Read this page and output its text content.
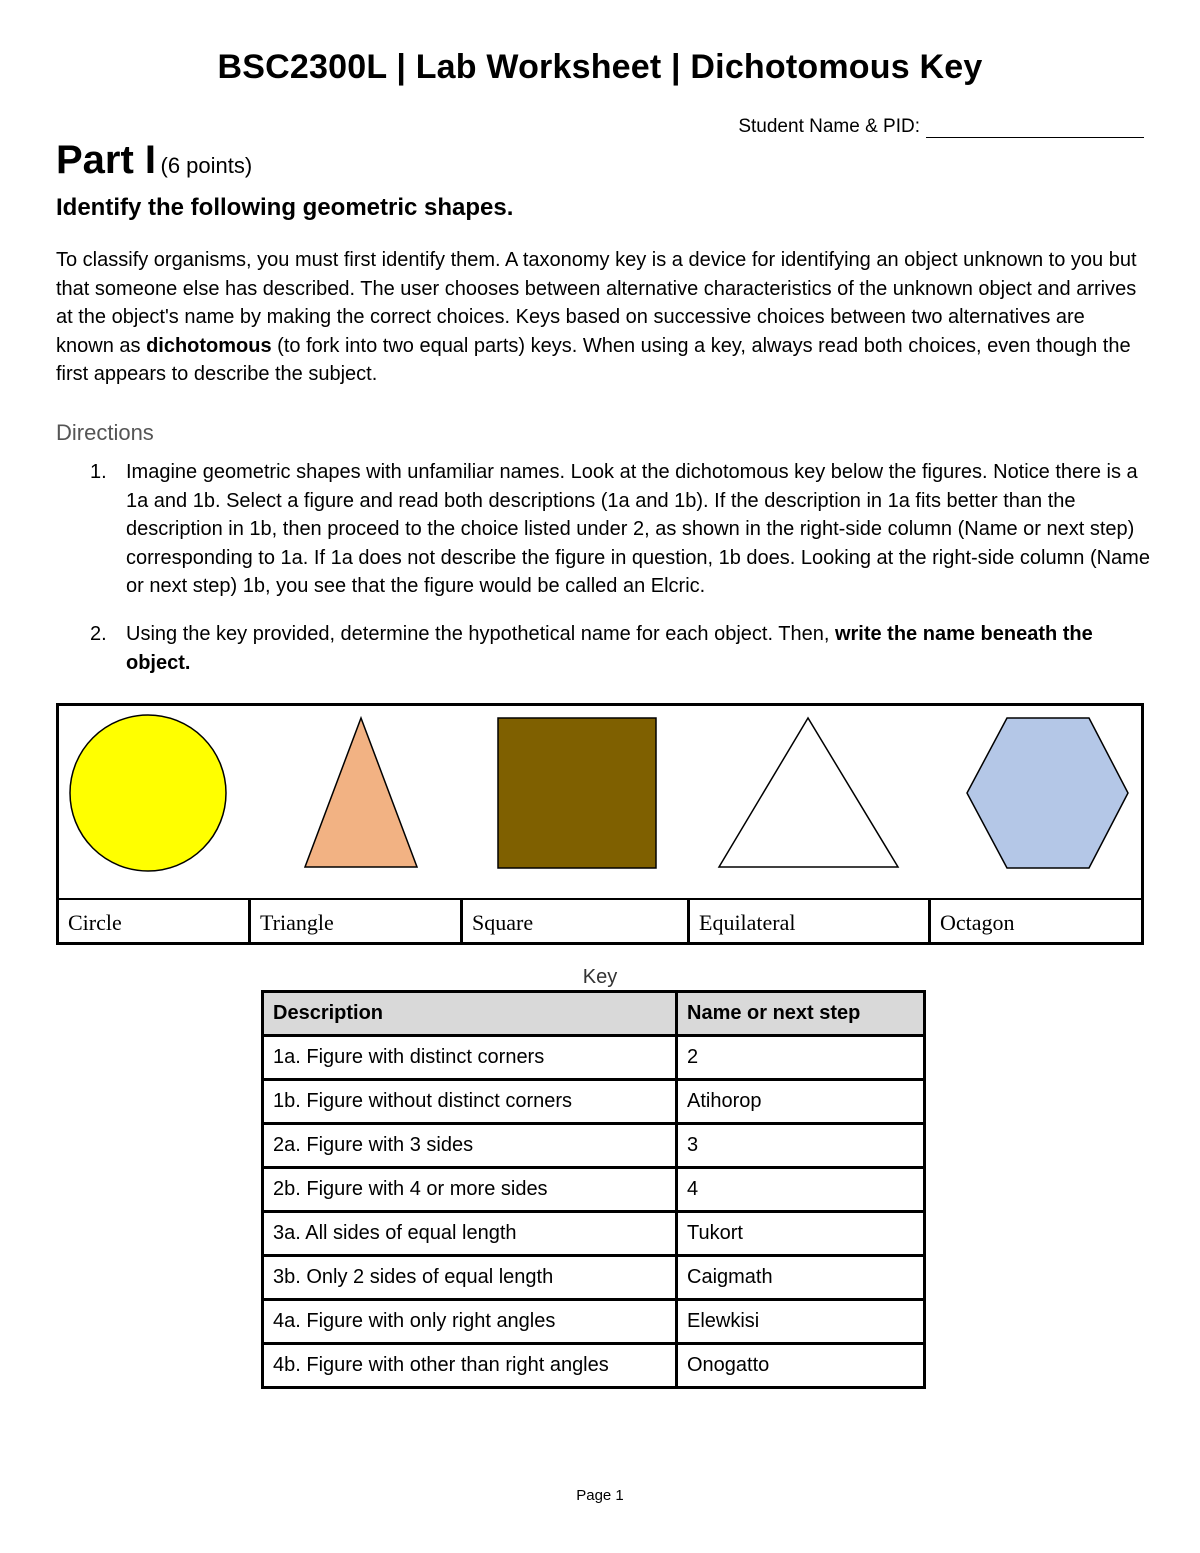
BSC2300L | Lab Worksheet | Dichotomous Key
Student Name & PID:
Part I (6 points)
Identify the following geometric shapes.

To classify organisms, you must first identify them. A taxonomy key is a device for identifying an object unknown to you but that someone else has described. The user chooses between alternative characteristics of the unknown object and arrives at the object's name by making the correct choices. Keys based on successive choices between two alternatives are known as dichotomous (to fork into two equal parts) keys. When using a key, always read both choices, even though the first appears to describe the subject.

Directions
1. Imagine geometric shapes with unfamiliar names. Look at the dichotomous key below the figures. Notice there is a 1a and 1b. Select a figure and read both descriptions (1a and 1b). If the description in 1a fits better than the description in 1b, then proceed to the choice listed under 2, as shown in the right-side column (Name or next step) corresponding to 1a. If 1a does not describe the figure in question, 1b does. Looking at the right-side column (Name or next step) 1b, you see that the figure would be called an Elcric.
2. Using the key provided, determine the hypothetical name for each object. Then, write the name beneath the object.
Circle	Triangle	Square	Equilateral	Octagon
Key
Description	Name or next step
1a. Figure with distinct corners	2
1b. Figure without distinct corners	Atihorop
2a. Figure with 3 sides	3
2b. Figure with 4 or more sides	4
3a. All sides of equal length	Tukort
3b. Only 2 sides of equal length	Caigmath
4a. Figure with only right angles	Elewkisi
4b. Figure with other than right angles	Onogatto
Page 1
